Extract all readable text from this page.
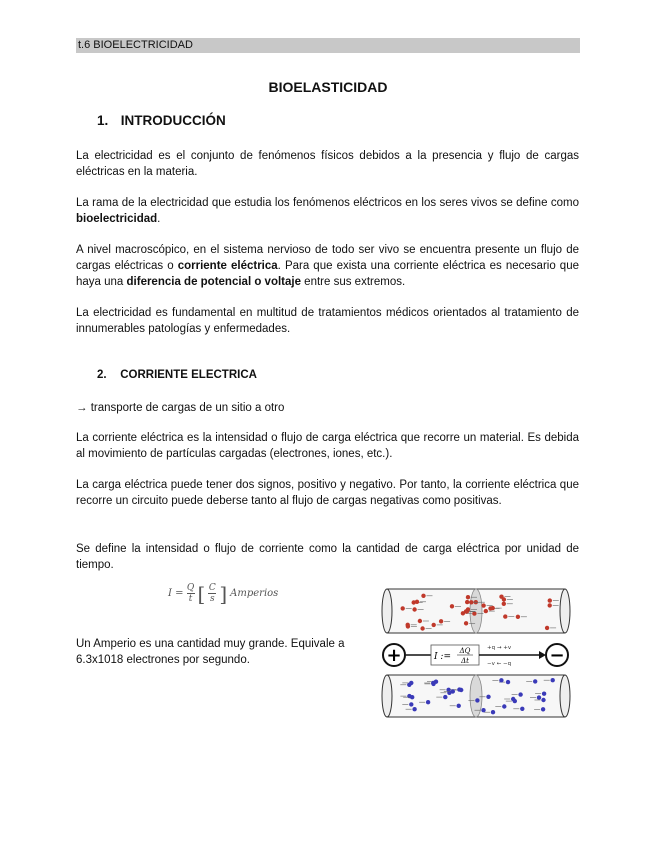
t.6 BIOELECTRICIDAD
BIOELASTICIDAD
1. INTRODUCCIÓN

La electricidad es el conjunto de fenómenos físicos debidos a la presencia y flujo de cargas eléctricas en la materia.

La rama de la electricidad que estudia los fenómenos eléctricos en los seres vivos se define como bioelectricidad.

A nivel macroscópico, en el sistema nervioso de todo ser vivo se encuentra presente un flujo de cargas eléctricas o corriente eléctrica. Para que exista una corriente eléctrica es necesario que haya una diferencia de potencial o voltaje entre sus extremos.

La electricidad es fundamental en multitud de tratamientos médicos orientados al tratamiento de innumerables patologías y enfermedades.

2. CORRIENTE ELECTRICA

→ transporte de cargas de un sitio a otro

La corriente eléctrica es la intensidad o flujo de carga eléctrica que recorre un material. Es debida al movimiento de partículas cargadas (electrones, iones, etc.).

La carga eléctrica puede tener dos signos, positivo y negativo. Por tanto, la corriente eléctrica que recorre un circuito puede deberse tanto al flujo de cargas negativas como positivas.

Se define la intensidad o flujo de corriente como la cantidad de carga eléctrica por unidad de tiempo.

$I = \frac{Q}{t}$ [ $\frac{C}{s}$ ] Amperios
Un Amperio es una cantidad muy grande. Equivale a 6.3x1018 electrones por segundo.	+	I :=
ΔQ
Δt
+q → +v
−v ← −q −
